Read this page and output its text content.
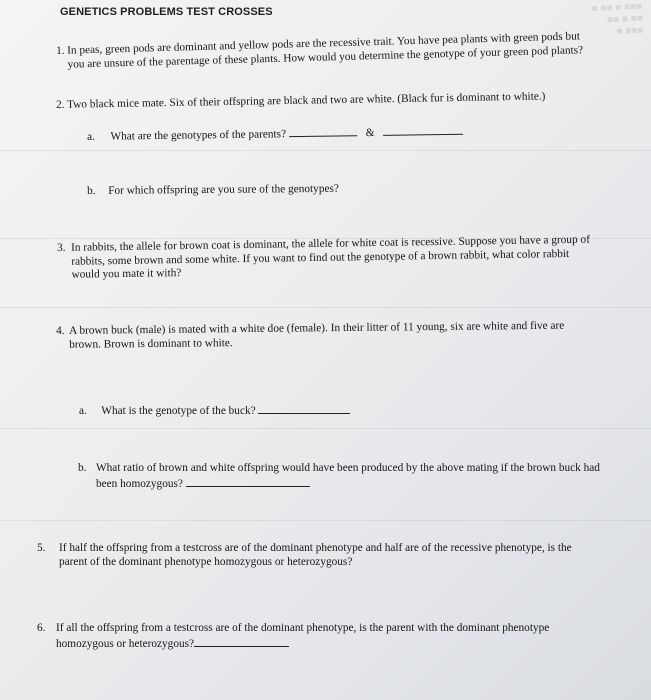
■ ■■ ■ ■■■
■■ ■ ■■
■ ■■■
GENETICS PROBLEMS TEST CROSSES
1. In peas, green pods are dominant and yellow pods are the recessive trait. You have pea plants with green pods but you are unsure of the parentage of these plants. How would you determine the genotype of your green pod plants?
2. Two black mice mate. Six of their offspring are black and two are white. (Black fur is dominant to white.)
a. What are the genotypes of the parents?	&
b. For which offspring are you sure of the genotypes?
3. In rabbits, the allele for brown coat is dominant, the allele for white coat is recessive. Suppose you have a group of rabbits, some brown and some white. If you want to find out the genotype of a brown rabbit, what color rabbit would you mate it with?
4. A brown buck (male) is mated with a white doe (female). In their litter of 11 young, six are white and five are brown. Brown is dominant to white.
a. What is the genotype of the buck?
b. What ratio of brown and white offspring would have been produced by the above mating if the brown buck had been homozygous?
5.	If half the offspring from a testcross are of the dominant phenotype and half are of the recessive phenotype, is the parent of the dominant phenotype homozygous or heterozygous?
6. If all the offspring from a testcross are of the dominant phenotype, is the parent with the dominant phenotype homozygous or heterozygous?
